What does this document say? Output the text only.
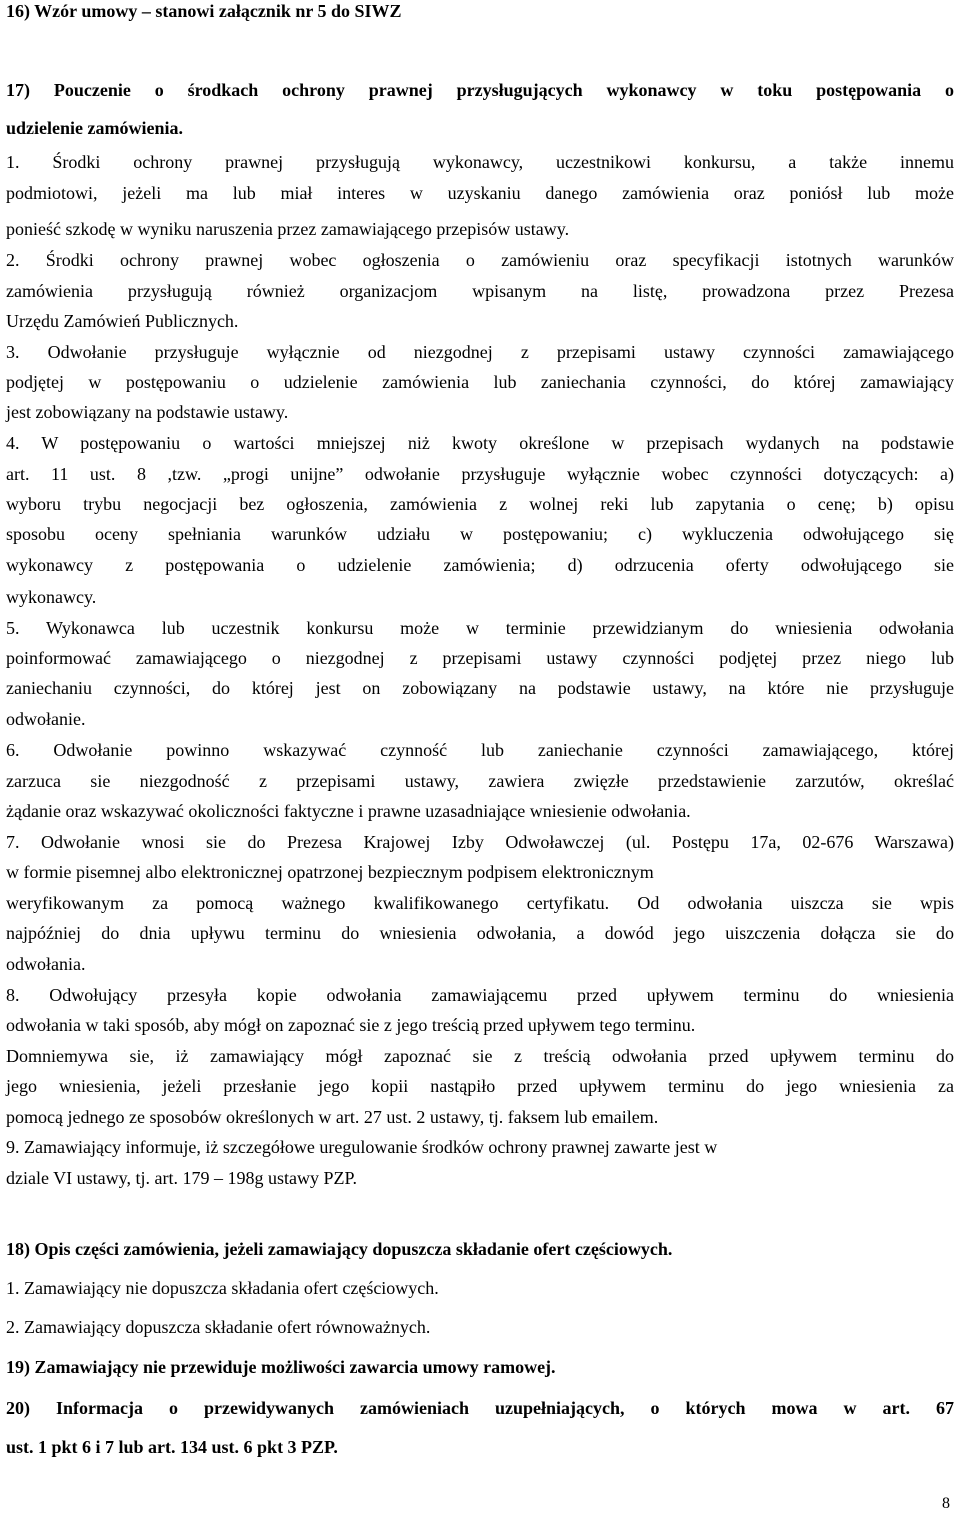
16) Wzór umowy – stanowi załącznik nr 5 do SIWZ
17) Pouczenie o środkach ochrony prawnej przysługujących wykonawcy w toku postępowania o
udzielenie zamówienia.
1. Środki ochrony prawnej przysługują wykonawcy, uczestnikowi konkursu, a także innemu
podmiotowi, jeżeli ma lub miał interes w uzyskaniu danego zamówienia oraz poniósł lub może
ponieść szkodę w wyniku naruszenia przez zamawiającego przepisów ustawy.
2. Środki ochrony prawnej wobec ogłoszenia o zamówieniu oraz specyfikacji istotnych warunków
zamówienia przysługują również organizacjom wpisanym na listę, prowadzona przez Prezesa
Urzędu Zamówień Publicznych.
3. Odwołanie przysługuje wyłącznie od niezgodnej z przepisami ustawy czynności zamawiającego
podjętej w postępowaniu o udzielenie zamówienia lub zaniechania czynności, do której zamawiający
jest zobowiązany na podstawie ustawy.
4. W postępowaniu o wartości mniejszej niż kwoty określone w przepisach wydanych na podstawie
art. 11 ust. 8 ,tzw. „progi unijne” odwołanie przysługuje wyłącznie wobec czynności dotyczących: a)
wyboru trybu negocjacji bez ogłoszenia, zamówienia z wolnej reki lub zapytania o cenę; b) opisu
sposobu oceny spełniania warunków udziału w postępowaniu; c) wykluczenia odwołującego się
wykonawcy z postępowania o udzielenie zamówienia; d) odrzucenia oferty odwołującego sie
wykonawcy.
5. Wykonawca lub uczestnik konkursu może w terminie przewidzianym do wniesienia odwołania
poinformować zamawiającego o niezgodnej z przepisami ustawy czynności podjętej przez niego lub
zaniechaniu czynności, do której jest on zobowiązany na podstawie ustawy, na które nie przysługuje
odwołanie.
6. Odwołanie powinno wskazywać czynność lub zaniechanie czynności zamawiającego, której
zarzuca sie niezgodność z przepisami ustawy, zawiera zwięzłe przedstawienie zarzutów, określać
żądanie oraz wskazywać okoliczności faktyczne i prawne uzasadniające wniesienie odwołania.
7. Odwołanie wnosi sie do Prezesa Krajowej Izby Odwoławczej (ul. Postępu 17a, 02-676 Warszawa)
w formie pisemnej albo elektronicznej opatrzonej bezpiecznym podpisem elektronicznym
weryfikowanym za pomocą ważnego kwalifikowanego certyfikatu. Od odwołania uiszcza sie wpis
najpóźniej do dnia upływu terminu do wniesienia odwołania, a dowód jego uiszczenia dołącza sie do
odwołania.
8. Odwołujący przesyła kopie odwołania zamawiającemu przed upływem terminu do wniesienia
odwołania w taki sposób, aby mógł on zapoznać sie z jego treścią przed upływem tego terminu.
Domniemywa sie, iż zamawiający mógł zapoznać sie z treścią odwołania przed upływem terminu do
jego wniesienia, jeżeli przesłanie jego kopii nastąpiło przed upływem terminu do jego wniesienia za
pomocą jednego ze sposobów określonych w art. 27 ust. 2 ustawy, tj. faksem lub emailem.
9. Zamawiający informuje, iż szczegółowe uregulowanie środków ochrony prawnej zawarte jest w
dziale VI ustawy, tj. art. 179 – 198g ustawy PZP.
18) Opis części zamówienia, jeżeli zamawiający dopuszcza składanie ofert częściowych.
1. Zamawiający nie dopuszcza składania ofert częściowych.
2. Zamawiający dopuszcza składanie ofert równoważnych.
19) Zamawiający nie przewiduje możliwości zawarcia umowy ramowej.
20) Informacja o przewidywanych zamówieniach uzupełniających, o których mowa w art. 67
ust. 1 pkt 6 i 7 lub art. 134 ust. 6 pkt 3 PZP.
8
